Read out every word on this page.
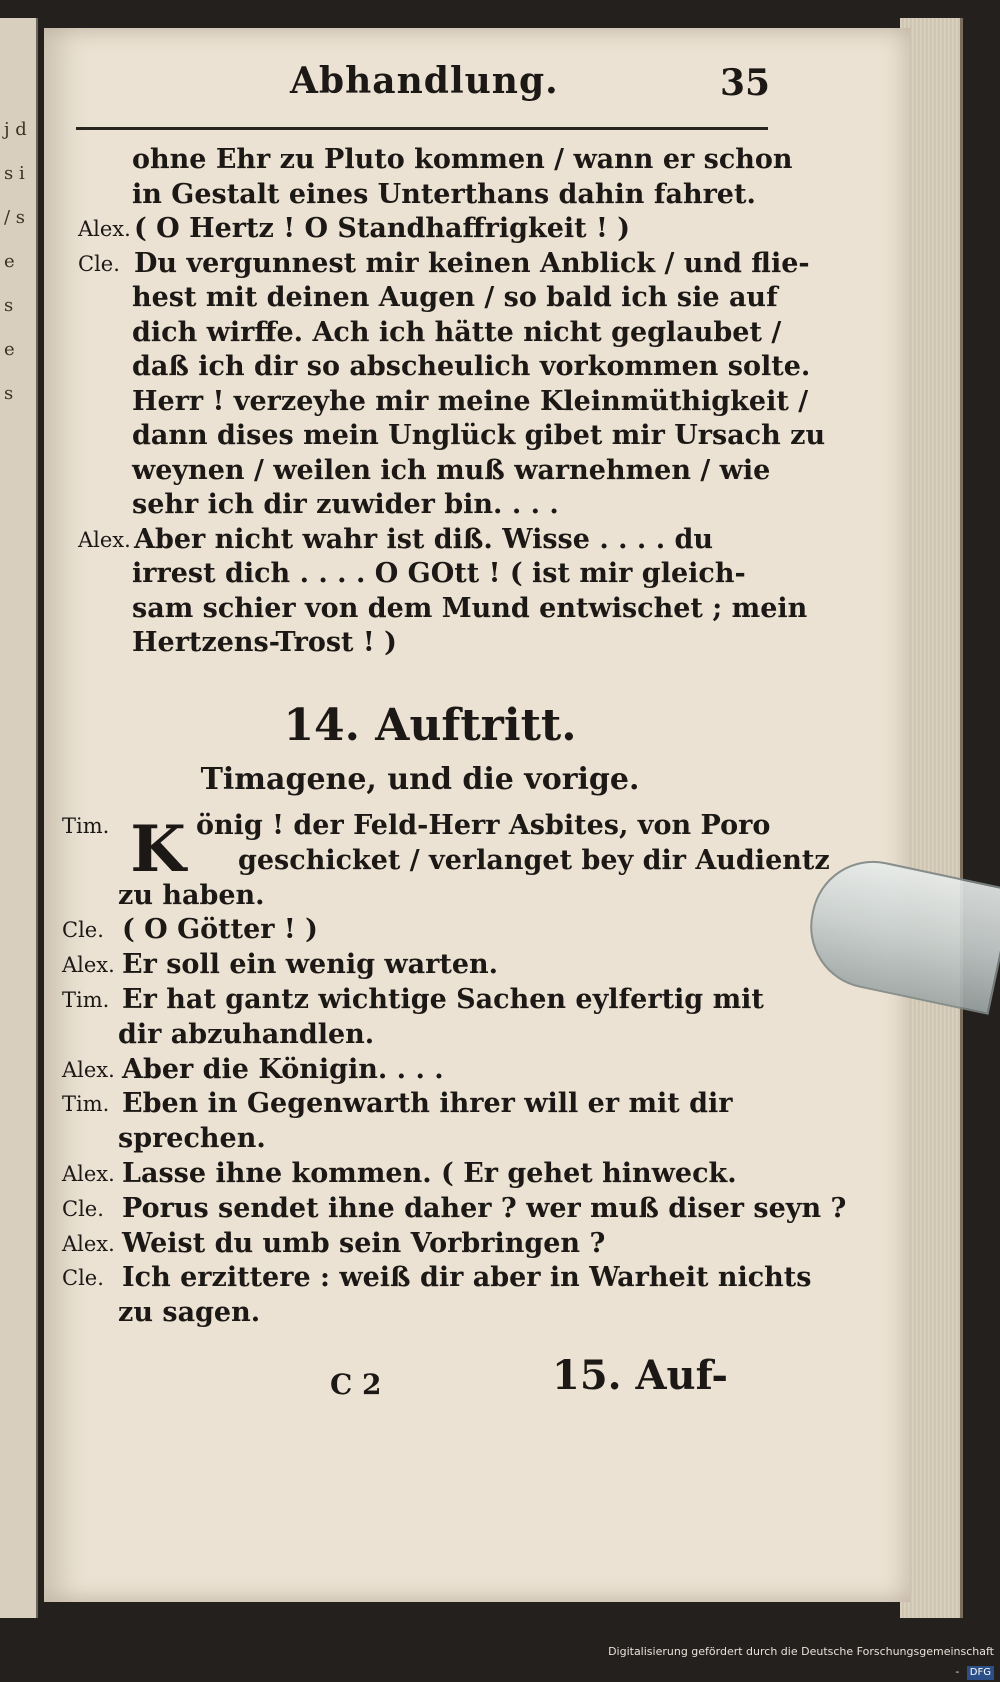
j d s i / s e s e s
Abhandlung.	35
ohne Ehr zu Pluto kommen / wann er schon
in Gestalt eines Unterthans dahin fahret.
Alex. ( O Hertz ! O Standhaffrigkeit ! )
Cle. Du vergunnest mir keinen Anblick / und flie-
hest mit deinen Augen / so bald ich sie auf
dich wirffe. Ach ich hätte nicht geglaubet /
daß ich dir so abscheulich vorkommen solte.
Herr ! verzeyhe mir meine Kleinmüthigkeit /
dann dises mein Unglück gibet mir Ursach zu
weynen / weilen ich muß warnehmen / wie
sehr ich dir zuwider bin. . . .
Alex. Aber nicht wahr ist diß. Wisse . . . . du
irrest dich . . . . O GOtt ! ( ist mir gleich-
sam schier von dem Mund entwischet ; mein
Hertzens-Trost ! )
14. Auftritt.
Timagene, und die vorige.
K
Tim.	önig ! der Feld-Herr Asbites, von Poro
geschicket / verlanget bey dir Audientz
zu haben.
Cle. ( O Götter ! )
Alex. Er soll ein wenig warten.
Tim. Er hat gantz wichtige Sachen eylfertig mit
dir abzuhandlen.
Alex. Aber die Königin. . . .
Tim. Eben in Gegenwarth ihrer will er mit dir
sprechen.
Alex. Lasse ihne kommen. ( Er gehet hinweck.
Cle. Porus sendet ihne daher ? wer muß diser seyn ?
Alex. Weist du umb sein Vorbringen ?
Cle. Ich erzittere : weiß dir aber in Warheit nichts
zu sagen.
C 2	15. Auf-
Digitalisierung gefördert durch die Deutsche Forschungsgemeinschaft - DFG
